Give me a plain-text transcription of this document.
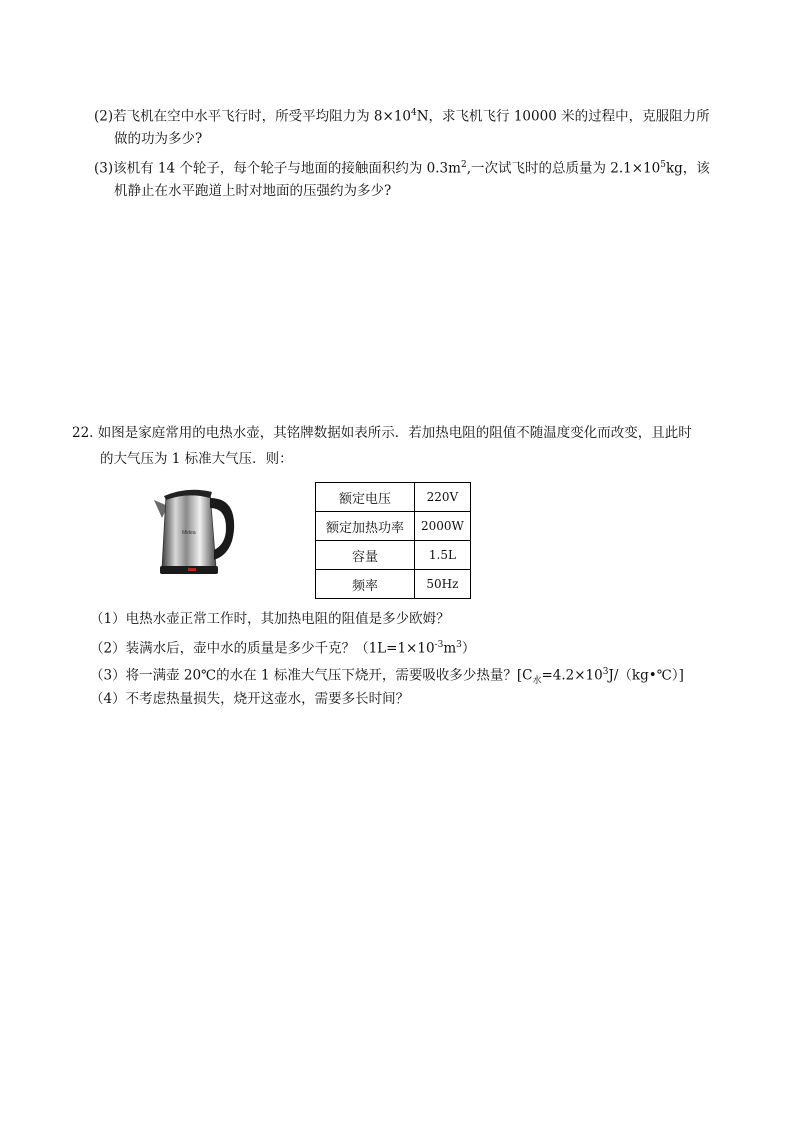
(2)若飞机在空中水平飞行时，所受平均阻力为 $8\times 10^4N$，求飞机飞行 10000 米的过程中，克服阻力所
做的功为多少?
(3)该机有 14 个轮子，每个轮子与地面的接触面积约为 $0.3m^2$,一次试飞时的总质量为 $2.1\times 10^5kg$，该
机静止在水平跑道上时对地面的压强约为多少?
22. 如图是家庭常用的电热水壶，其铭牌数据如表所示．若加热电阻的阻值不随温度变化而改变，且此时
的大气压为 1 标准大气压．则：
Midea
额定电压	220V
额定加热功率	2000W
容量	1.5L
频率	50Hz
（1）电热水壶正常工作时，其加热电阻的阻值是多少欧姆？
（2）装满水后，壶中水的质量是多少千克？$(1L=1\times 10^{-3}m^3)$
（3）将一满壶 20℃的水在 1 标准大气压下烧开，需要吸收多少热量？$[C_水=4.2\times 10^3J/(kg•℃)]$
（4）不考虑热量损失，烧开这壶水，需要多长时间？
